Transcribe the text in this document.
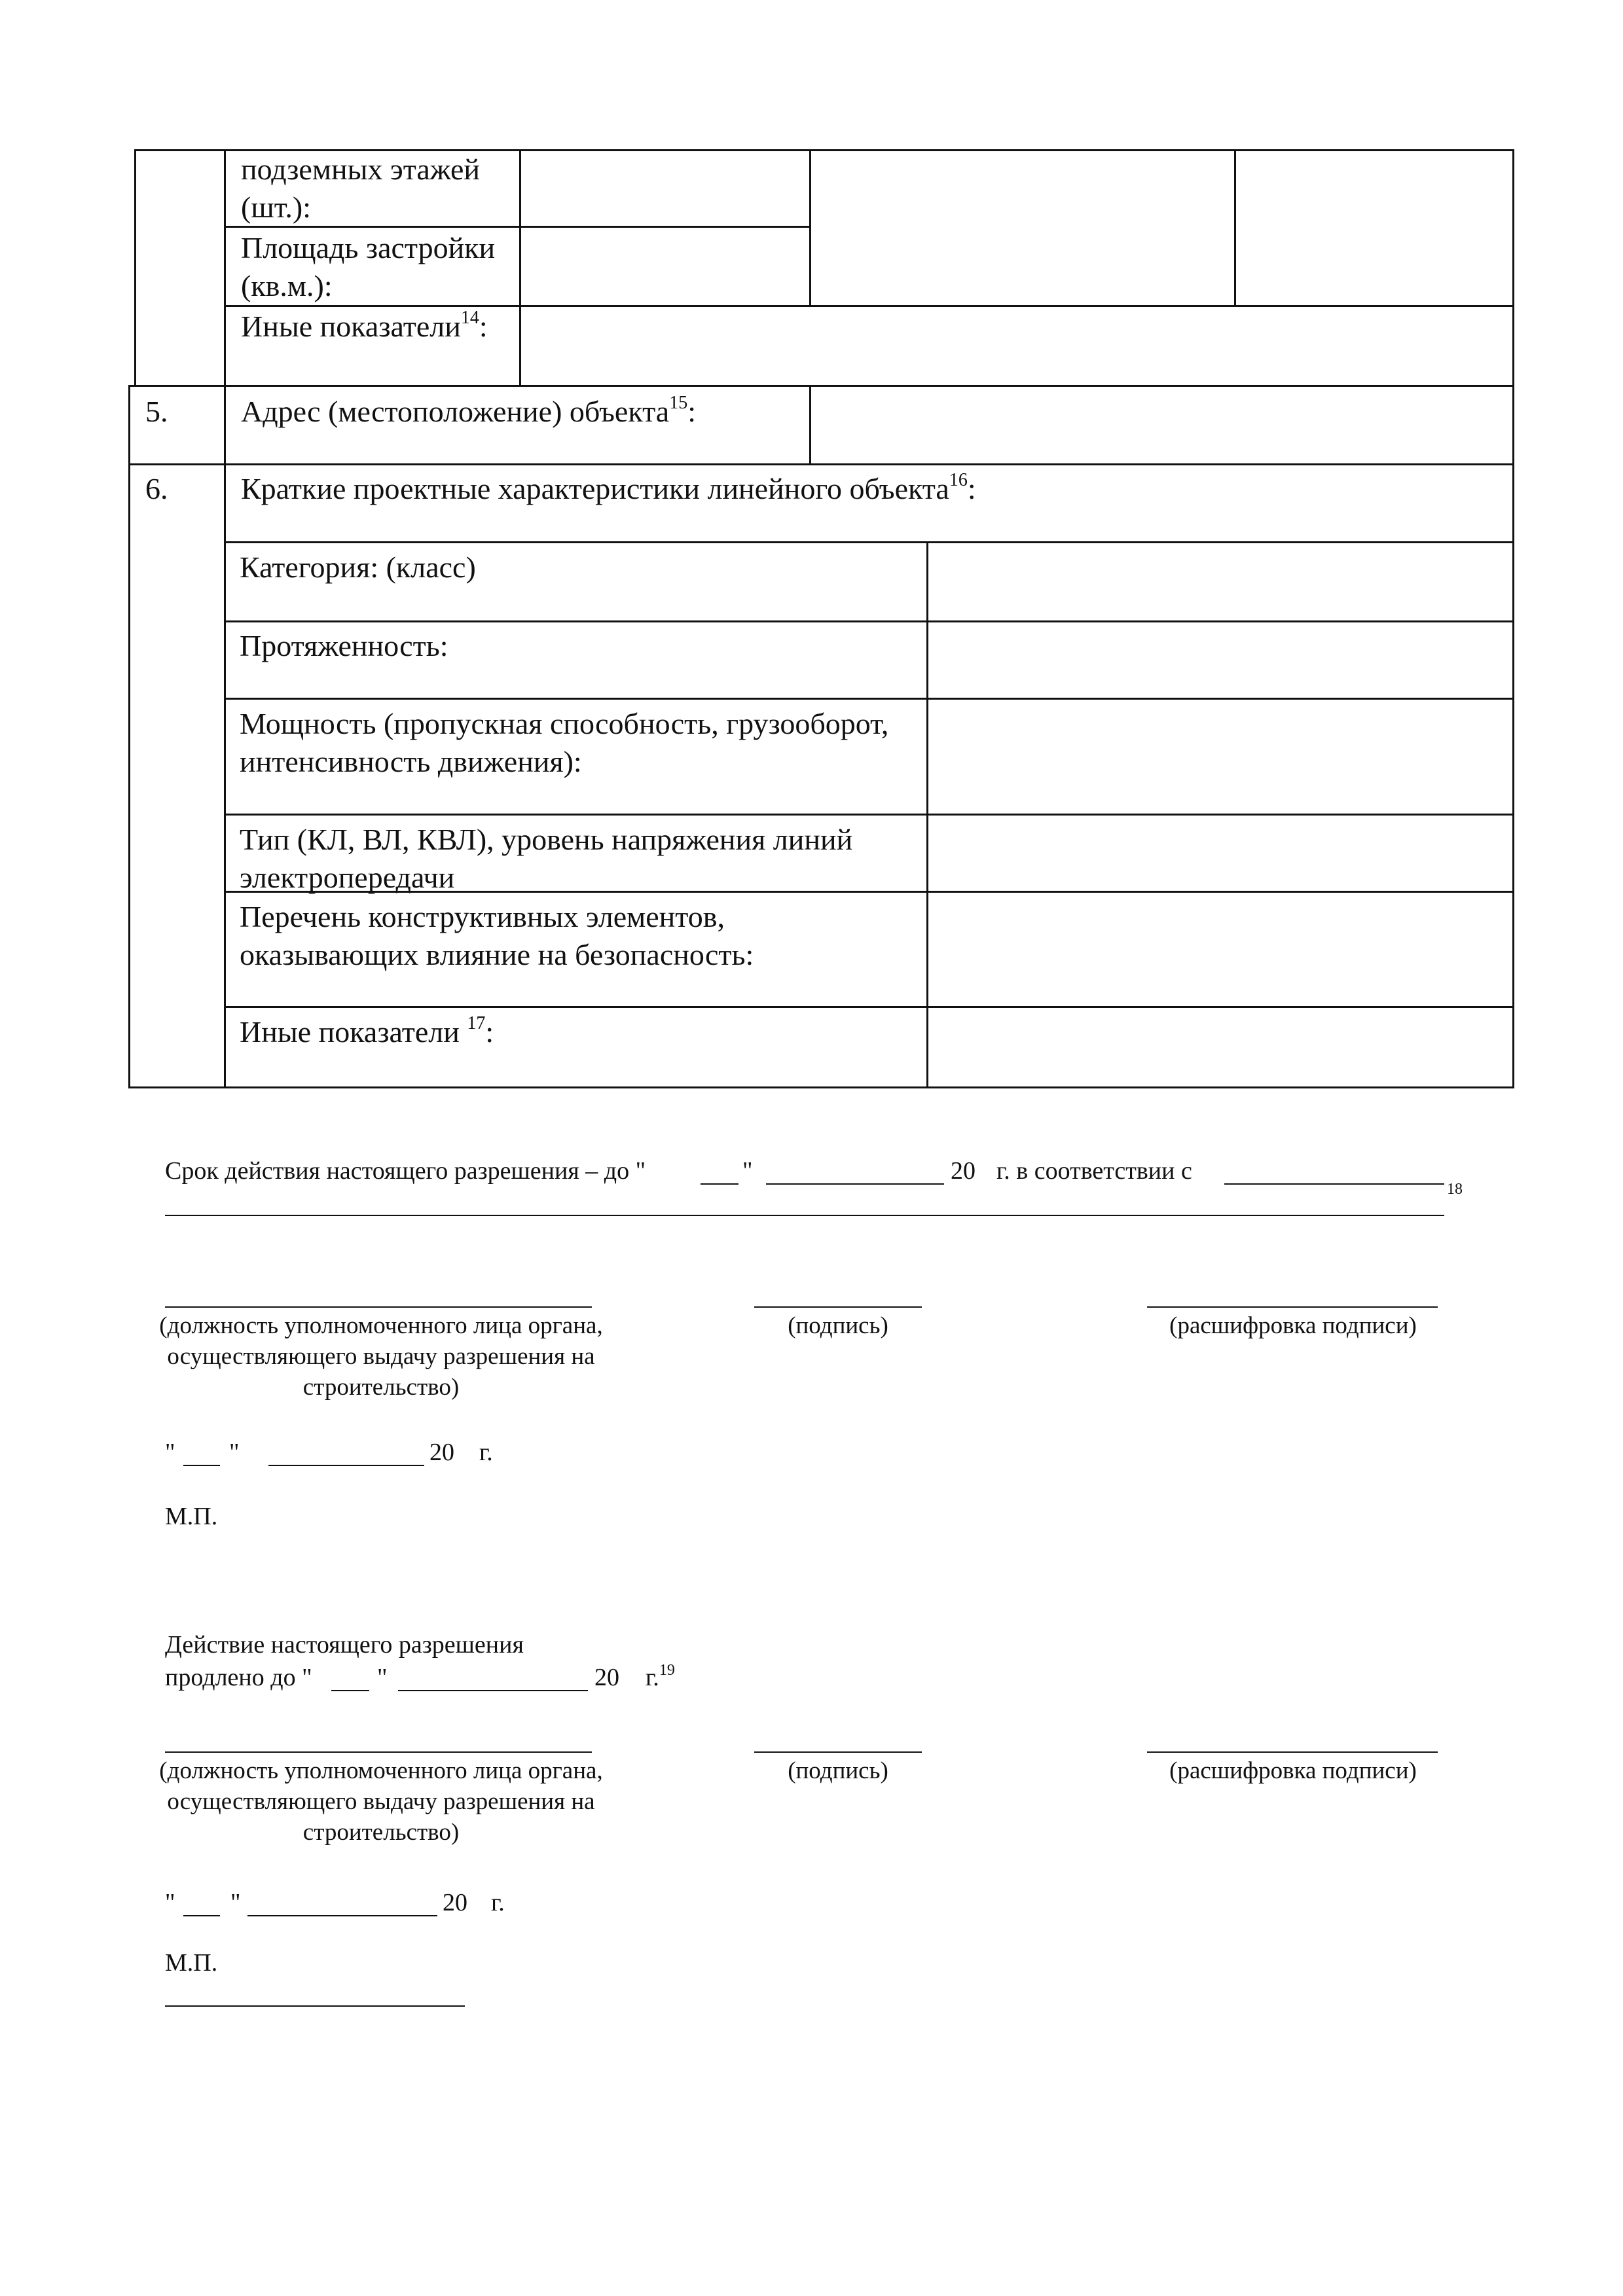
подземных этажей (шт.):
Площадь застройки (кв.м.):
Иные показатели$^{14}$:
5. Адрес (местоположение) объекта$^{15}$:
6. Краткие проектные характеристики линейного объекта$^{16}$:
Категория: (класс)
Протяженность:
Мощность (пропускная способность, грузооборот, интенсивность движения):
Тип (КЛ, ВЛ, КВЛ), уровень напряжения линий электропередачи
Перечень конструктивных элементов, оказывающих влияние на безопасность:
Иные показатели $^{17}$:
Срок действия настоящего разрешения – до "	"	20 г. в соответствии с
18
(должность уполномоченного лица органа, осуществляющего выдачу разрешения на строительство)
(подпись)	(расшифровка подписи)
" "	20 г.
М.П.
Действие настоящего разрешения
продлено до "	"	20 г.$^{19}$
(должность уполномоченного лица органа, осуществляющего выдачу разрешения на строительство)
(подпись)	(расшифровка подписи)
" "	20 г.
М.П.
